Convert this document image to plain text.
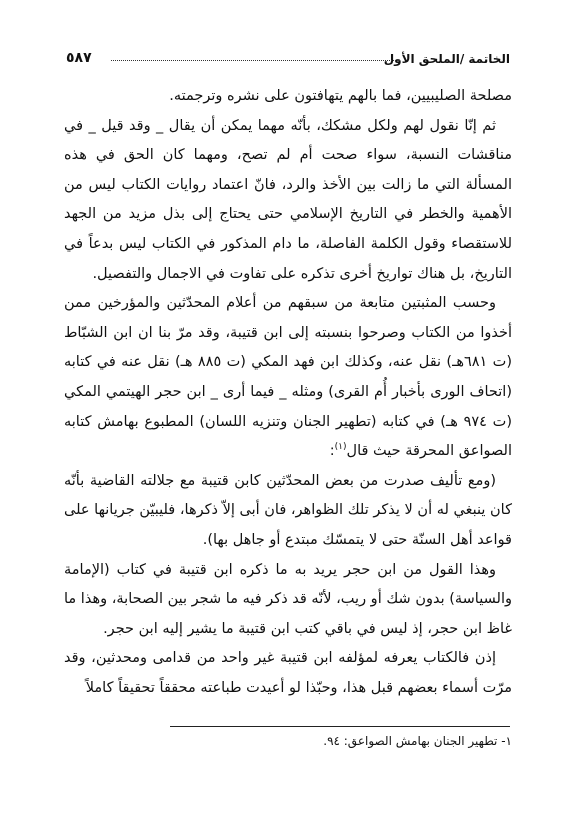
الخاتمة /الملحق الأول
٥٨٧

مصلحة الصليبيين، فما بالهم يتهافتون على نشره وترجمته.

ثم إنّا نقول لهم ولكل مشكك، بأنّه مهما يمكن أن يقال _ وقد قيل _ في مناقشات النسبة، سواء صحت أم لم تصح، ومهما كان الحق في هذه المسألة التي ما زالت بين الأخذ والرد، فانّ اعتماد روايات الكتاب ليس من الأهمية والخطر في التاريخ الإسلامي حتى يحتاج إلى بذل مزيد من الجهد للاستقصاء وقول الكلمة الفاصلة، ما دام المذكور في الكتاب ليس بدعاً في التاريخ، بل هناك تواريخ أخرى تذكره على تفاوت في الاجمال والتفصيل.

وحسب المثبتين متابعة من سبقهم من أعلام المحدّثين والمؤرخين ممن أخذوا من الكتاب وصرحوا بنسبته إلى ابن قتيبة، وقد مرّ بنا ان ابن الشبّاط (ت ٦٨١هـ) نقل عنه، وكذلك ابن فهد المكي (ت ٨٨٥ هـ) نقل عنه في كتابه (اتحاف الورى بأخبار أُم القرى) ومثله _ فيما أرى _ ابن حجر الهيتمي المكي (ت ٩٧٤ هـ) في كتابه (تطهير الجنان وتنزيه اللسان) المطبوع بهامش كتابه الصواعق المحرقة حيث قال$^{(١)}$:

(ومع تأليف صدرت من بعض المحدّثين كابن قتيبة مع جلالته القاضية بأنّه كان ينبغي له أن لا يذكر تلك الظواهر، فان أبى إلاّ ذكرها، فليبيّن جريانها على قواعد أهل السنّة حتى لا يتمسّك مبتدع أو جاهل بها).

وهذا القول من ابن حجر يريد به ما ذكره ابن قتيبة في كتاب (الإمامة والسياسة) بدون شك أو ريب، لأنّه قد ذكر فيه ما شجر بين الصحابة، وهذا ما غاظ ابن حجر، إذ ليس في باقي كتب ابن قتيبة ما يشير إليه ابن حجر.

إذن فالكتاب يعرفه لمؤلفه ابن قتيبة غير واحد من قدامى ومحدثين، وقد مرّت أسماء بعضهم قبل هذا، وحبّذا لو أعيدت طباعته محققاً تحقيقاً كاملاً

١- تطهير الجنان بهامش الصواعق: ٩٤.
